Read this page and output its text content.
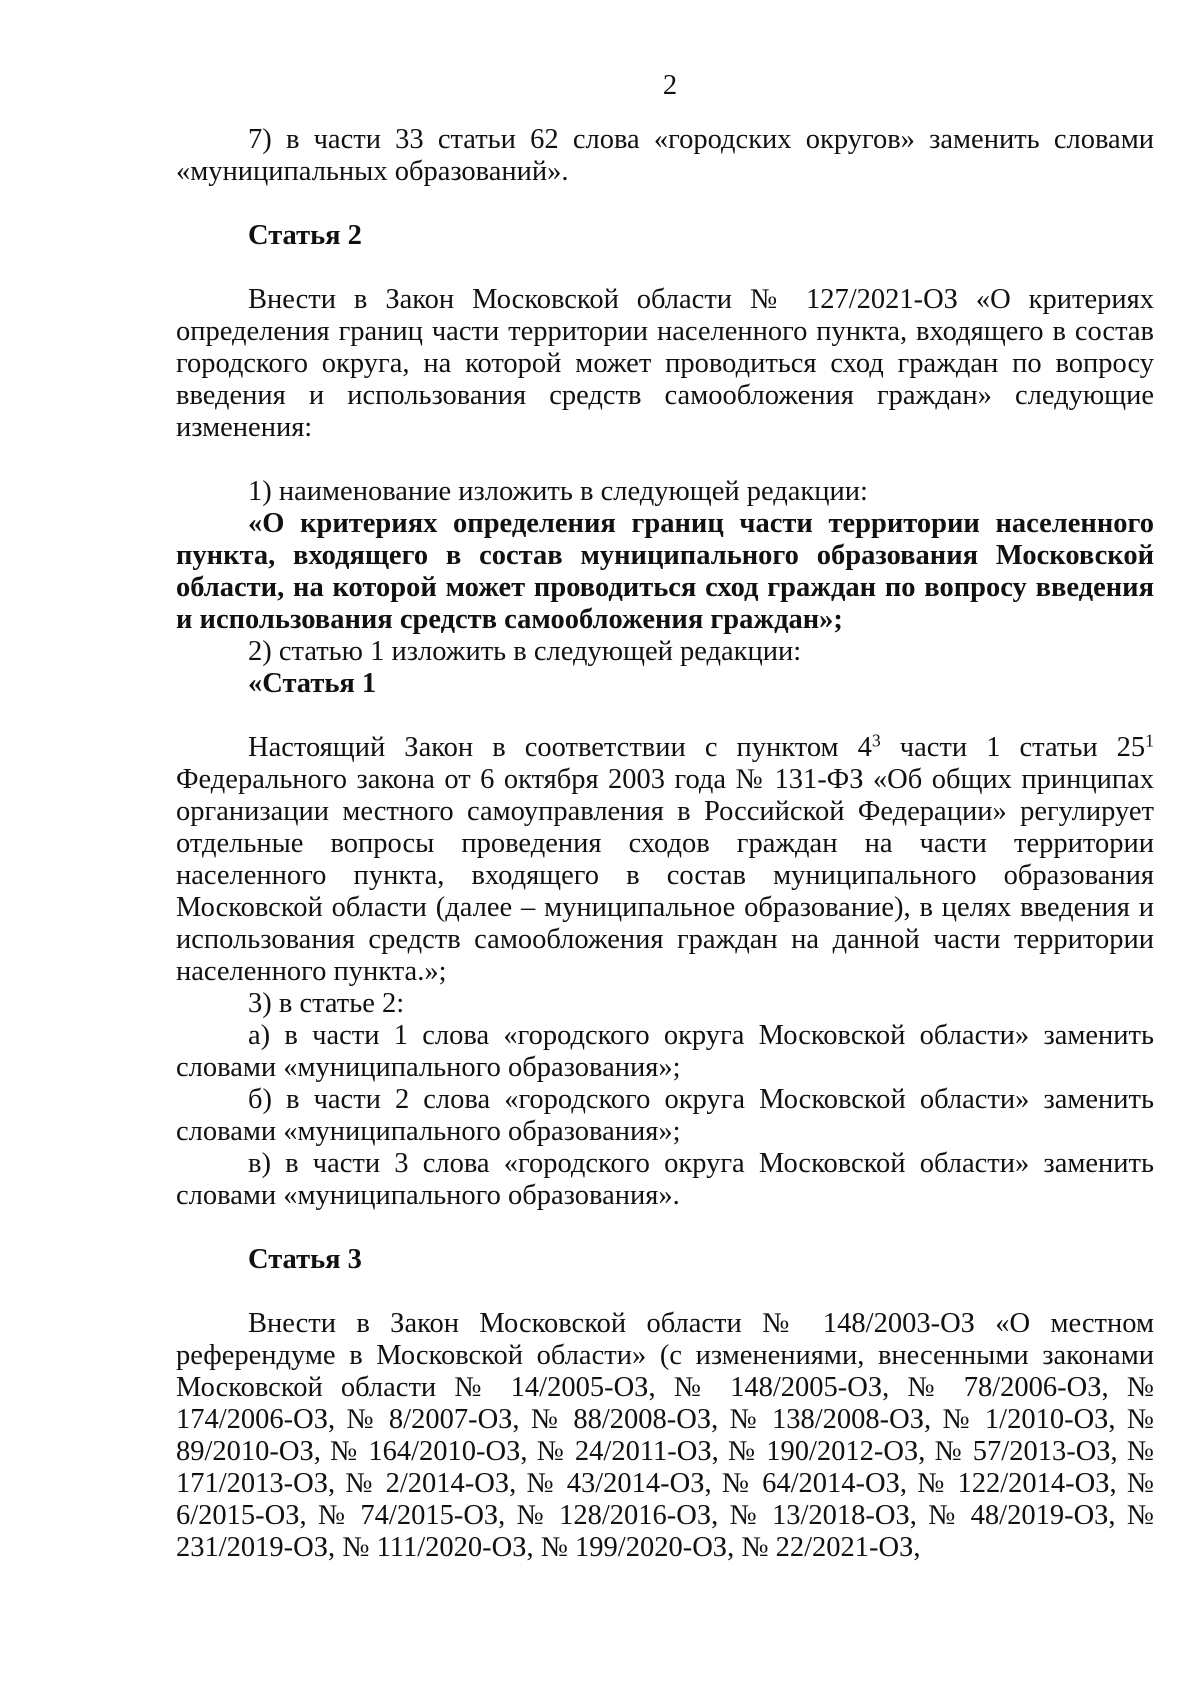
2

7) в части 33 статьи 62 слова «городских округов» заменить словами «муниципальных образований».

Статья 2

Внести в Закон Московской области № 127/2021-ОЗ «О критериях определения границ части территории населенного пункта, входящего в состав городского округа, на которой может проводиться сход граждан по вопросу введения и использования средств самообложения граждан» следующие изменения:

1) наименование изложить в следующей редакции:

«О критериях определения границ части территории населенного пункта, входящего в состав муниципального образования Московской области, на которой может проводиться сход граждан по вопросу введения и использования средств самообложения граждан»;

2) статью 1 изложить в следующей редакции:

«Статья 1

Настоящий Закон в соответствии с пунктом $4^3$ части 1 статьи $25^1$ Федерального закона от 6 октября 2003 года № 131-ФЗ «Об общих принципах организации местного самоуправления в Российской Федерации» регулирует отдельные вопросы проведения сходов граждан на части территории населенного пункта, входящего в состав муниципального образования Московской области (далее – муниципальное образование), в целях введения и использования средств самообложения граждан на данной части территории населенного пункта.»;

3) в статье 2:

а) в части 1 слова «городского округа Московской области» заменить словами «муниципального образования»;

б) в части 2 слова «городского округа Московской области» заменить словами «муниципального образования»;

в) в части 3 слова «городского округа Московской области» заменить словами «муниципального образования».

Статья 3

Внести в Закон Московской области № 148/2003-ОЗ «О местном референдуме в Московской области» (с изменениями, внесенными законами Московской области № 14/2005-ОЗ, № 148/2005-ОЗ, № 78/2006-ОЗ, № 174/2006-ОЗ, № 8/2007-ОЗ, № 88/2008-ОЗ, № 138/2008-ОЗ, № 1/2010-ОЗ, № 89/2010-ОЗ, № 164/2010-ОЗ, № 24/2011-ОЗ, № 190/2012-ОЗ, № 57/2013-ОЗ, № 171/2013-ОЗ, № 2/2014-ОЗ, № 43/2014-ОЗ, № 64/2014-ОЗ, № 122/2014-ОЗ, № 6/2015-ОЗ, № 74/2015-ОЗ, № 128/2016-ОЗ, № 13/2018-ОЗ, № 48/2019-ОЗ, № 231/2019-ОЗ, № 111/2020-ОЗ, № 199/2020-ОЗ, № 22/2021-ОЗ,
